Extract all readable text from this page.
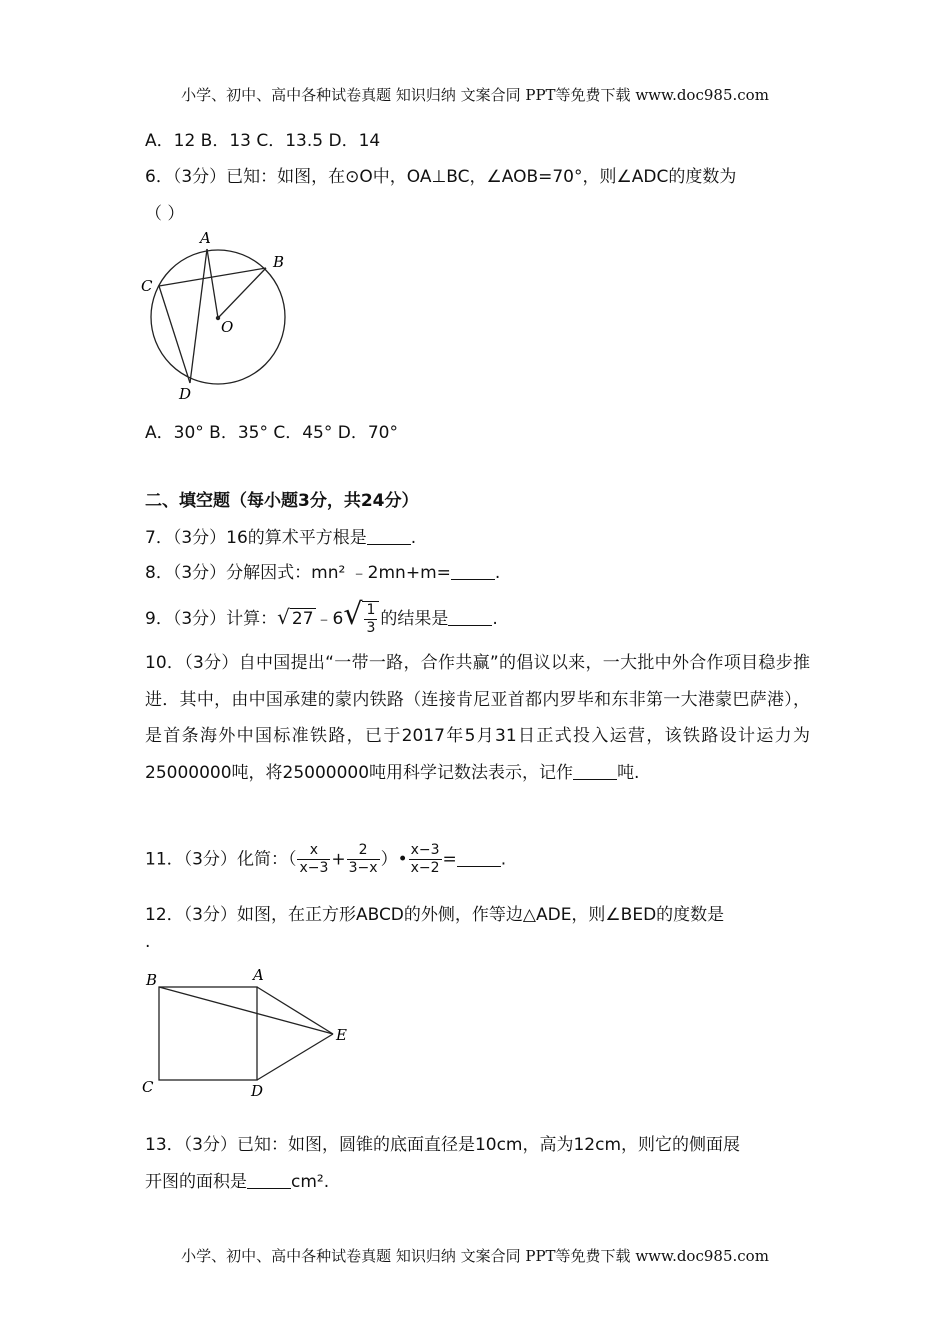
小学、初中、高中各种试卷真题 知识归纳 文案合同 PPT等免费下载 www.doc985.com
A．12 B．13 C．13.5 D．14
6．（3分）已知：如图，在⊙O中，OA⊥BC，∠AOB=70°，则∠ADC的度数为
（ ）
A
B
C
O
D
A．30° B．35° C．45° D．70°
二、填空题（每小题3分，共24分）
7．（3分）16的算术平方根是	.
8．（3分）分解因式：mn² ﹣2mn+m=	.
9．（3分）计算：√ 27 ﹣6√ $\frac{1}{3}$ 的结果是	.
10．（3分）自中国提出“一带一路，合作共赢”的倡议以来，一大批中外合作项目稳步推进．其中，由中国承建的蒙内铁路（连接肯尼亚首都内罗毕和东非第一大港蒙巴萨港），是首条海外中国标准铁路，已于2017年5月31日正式投入运营，该铁路设计运力为25000000吨，将25000000吨用科学记数法表示，记作	吨.
11．（3分）化简：（ $\frac{x}{x-3} + \frac{2}{3-x}$ ）• $\frac{x-3}{x-2}$ =	.
12．（3分）如图，在正方形ABCD的外侧，作等边△ADE，则∠BED的度数是
.
B	A
E
C	D
13．（3分）已知：如图，圆锥的底面直径是10cm，高为12cm，则它的侧面展
开图的面积是	cm².
小学、初中、高中各种试卷真题 知识归纳 文案合同 PPT等免费下载 www.doc985.com
